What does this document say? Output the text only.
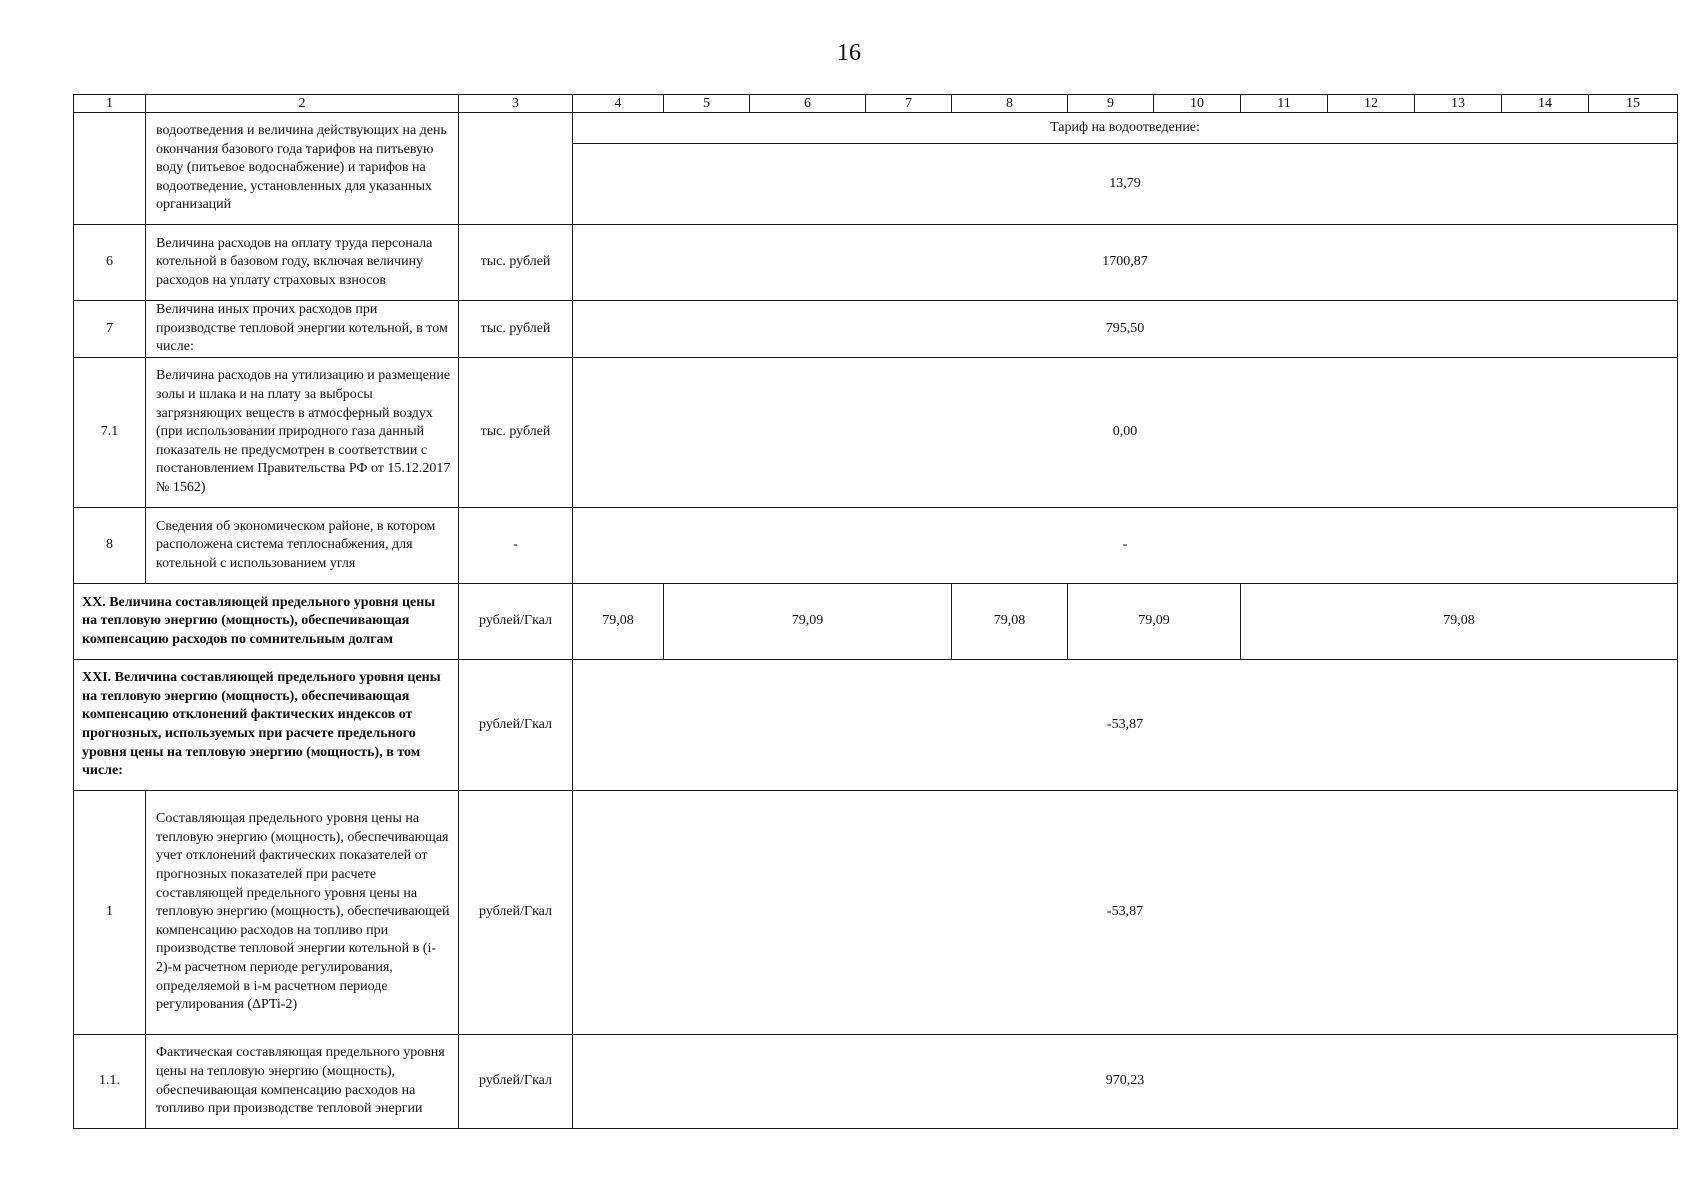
16
1	2	3	4	5	6	7	8	9	10	11	12	13	14	15
	водоотведения и величина действующих на день окончания базового года тарифов на питьевую воду (питьевое водоснабжение) и тарифов на водоотведение, установленных для указанных организаций		Тариф на водоотведение:											
			13,79											
6	Величина расходов на оплату труда персонала котельной в базовом году, включая величину расходов на уплату страховых взносов	тыс. рублей	1700,87											
7	Величина иных прочих расходов при производстве тепловой энергии котельной, в том числе:	тыс. рублей	795,50											
7.1	Величина расходов на утилизацию и размещение золы и шлака и на плату за выбросы загрязняющих веществ в атмосферный воздух (при использовании природного газа данный показатель не предусмотрен в соответствии с постановлением Правительства РФ от 15.12.2017 № 1562)	тыс. рублей	0,00											
8	Сведения об экономическом районе, в котором расположена система теплоснабжения, для котельной с использованием угля	-	-											
XX. Величина составляющей предельного уровня цены на тепловую энергию (мощность), обеспечивающая компенсацию расходов по сомнительным долгам		рублей/Гкал	79,08	79,09			79,08	79,09		79,08				
XXI. Величина составляющей предельного уровня цены на тепловую энергию (мощность), обеспечивающая компенсацию отклонений фактических индексов от прогнозных, используемых при расчете предельного уровня цены на тепловую энергию (мощность), в том числе:		рублей/Гкал	-53,87											
1	Составляющая предельного уровня цены на тепловую энергию (мощность), обеспечивающая учет отклонений фактических показателей от прогнозных показателей при расчете составляющей предельного уровня цены на тепловую энергию (мощность), обеспечивающей компенсацию расходов на топливо при производстве тепловой энергии котельной в (i-2)-м расчетном периоде регулирования, определяемой в i-м расчетном периоде регулирования (ΔPTi-2)	рублей/Гкал	-53,87											
1.1.	Фактическая составляющая предельного уровня цены на тепловую энергию (мощность), обеспечивающая компенсацию расходов на топливо при производстве тепловой энергии	рублей/Гкал	970,23											
